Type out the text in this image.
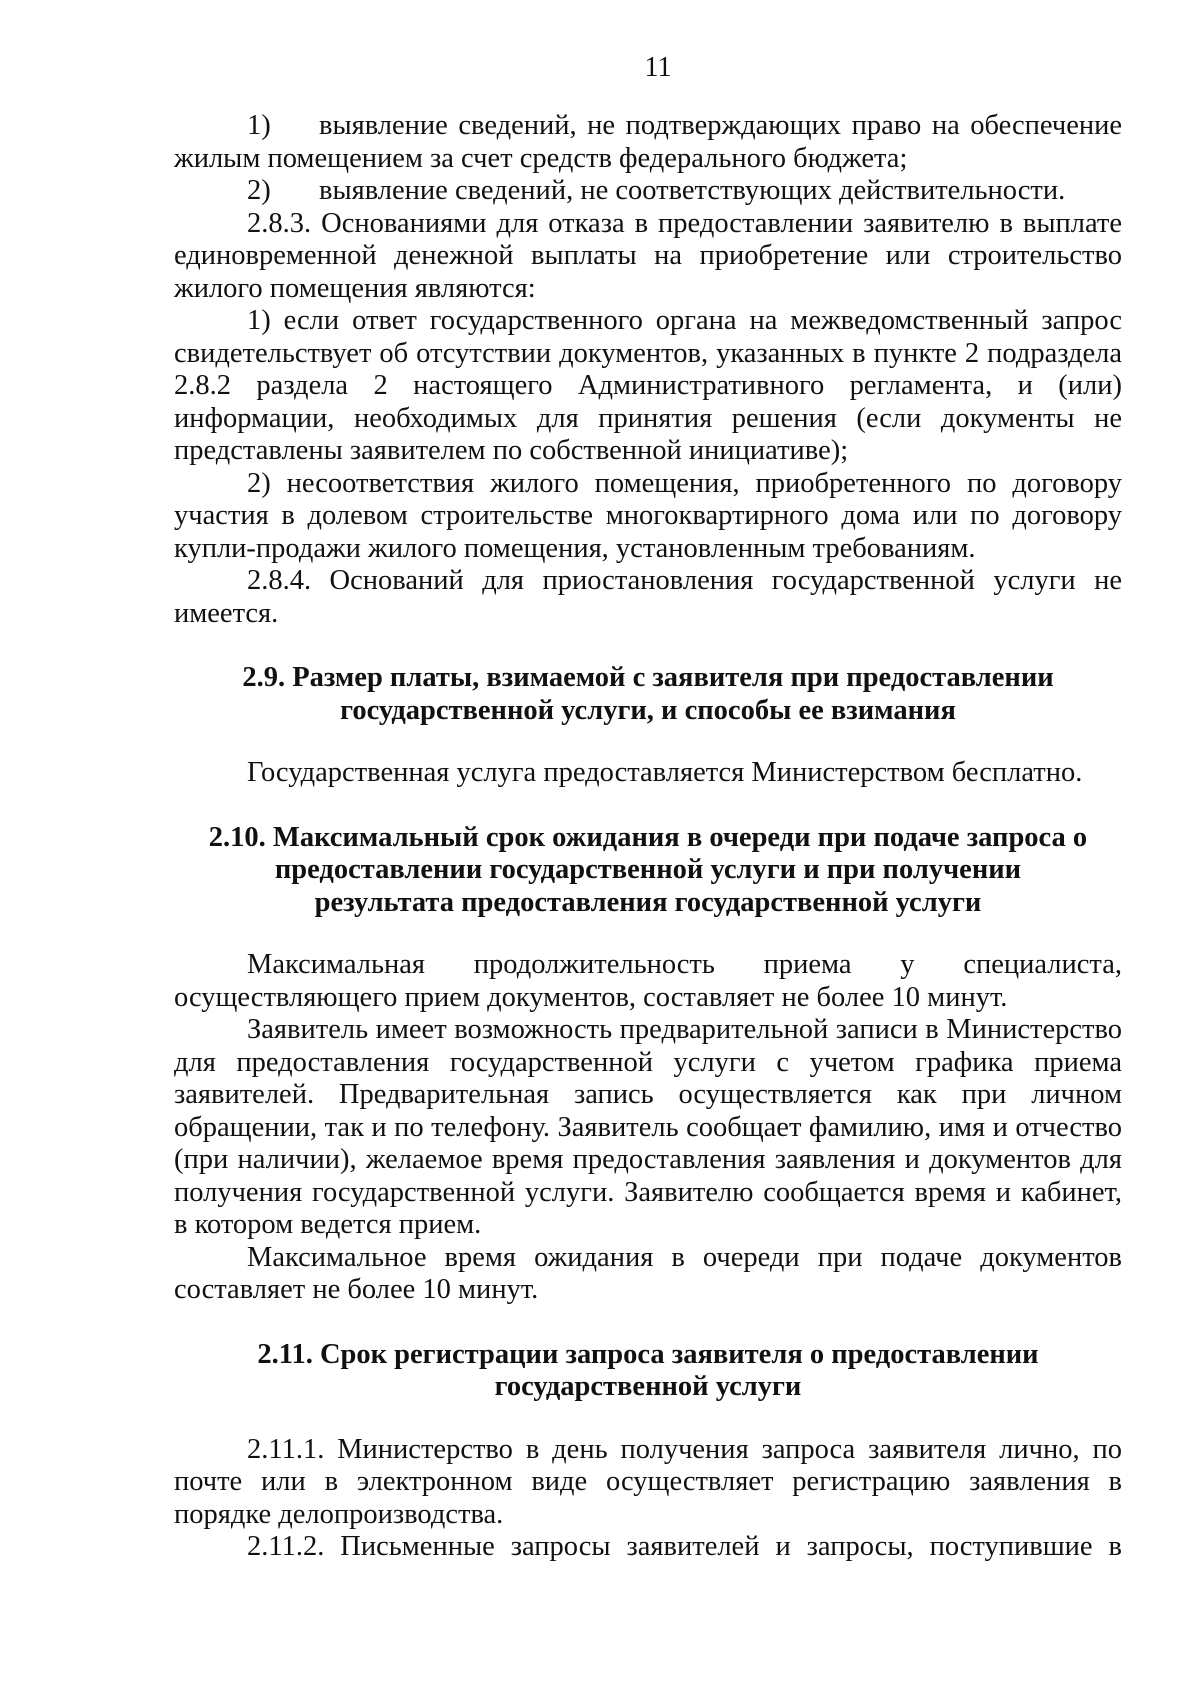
11

1) выявление сведений, не подтверждающих право на обеспечение жилым помещением за счет средств федерального бюджета;

2) выявление сведений, не соответствующих действительности.

2.8.3. Основаниями для отказа в предоставлении заявителю в выплате единовременной денежной выплаты на приобретение или строительство жилого помещения являются:

1) если ответ государственного органа на межведомственный запрос свидетельствует об отсутствии документов, указанных в пункте 2 подраздела 2.8.2 раздела 2 настоящего Административного регламента, и (или) информации, необходимых для принятия решения (если документы не представлены заявителем по собственной инициативе);

2) несоответствия жилого помещения, приобретенного по договору участия в долевом строительстве многоквартирного дома или по договору купли-продажи жилого помещения, установленным требованиям.

2.8.4. Оснований для приостановления государственной услуги не имеется.

2.9. Размер платы, взимаемой с заявителя при предоставлении государственной услуги, и способы ее взимания

Государственная услуга предоставляется Министерством бесплатно.

2.10. Максимальный срок ожидания в очереди при подаче запроса о предоставлении государственной услуги и при получении результата предоставления государственной услуги

Максимальная продолжительность приема у специалиста, осуществляющего прием документов, составляет не более 10 минут.

Заявитель имеет возможность предварительной записи в Министерство для предоставления государственной услуги с учетом графика приема заявителей. Предварительная запись осуществляется как при личном обращении, так и по телефону. Заявитель сообщает фамилию, имя и отчество (при наличии), желаемое время предоставления заявления и документов для получения государственной услуги. Заявителю сообщается время и кабинет, в котором ведется прием.

Максимальное время ожидания в очереди при подаче документов составляет не более 10 минут.

2.11. Срок регистрации запроса заявителя о предоставлении государственной услуги

2.11.1. Министерство в день получения запроса заявителя лично, по почте или в электронном виде осуществляет регистрацию заявления в порядке делопроизводства.

2.11.2. Письменные запросы заявителей и запросы, поступившие в
